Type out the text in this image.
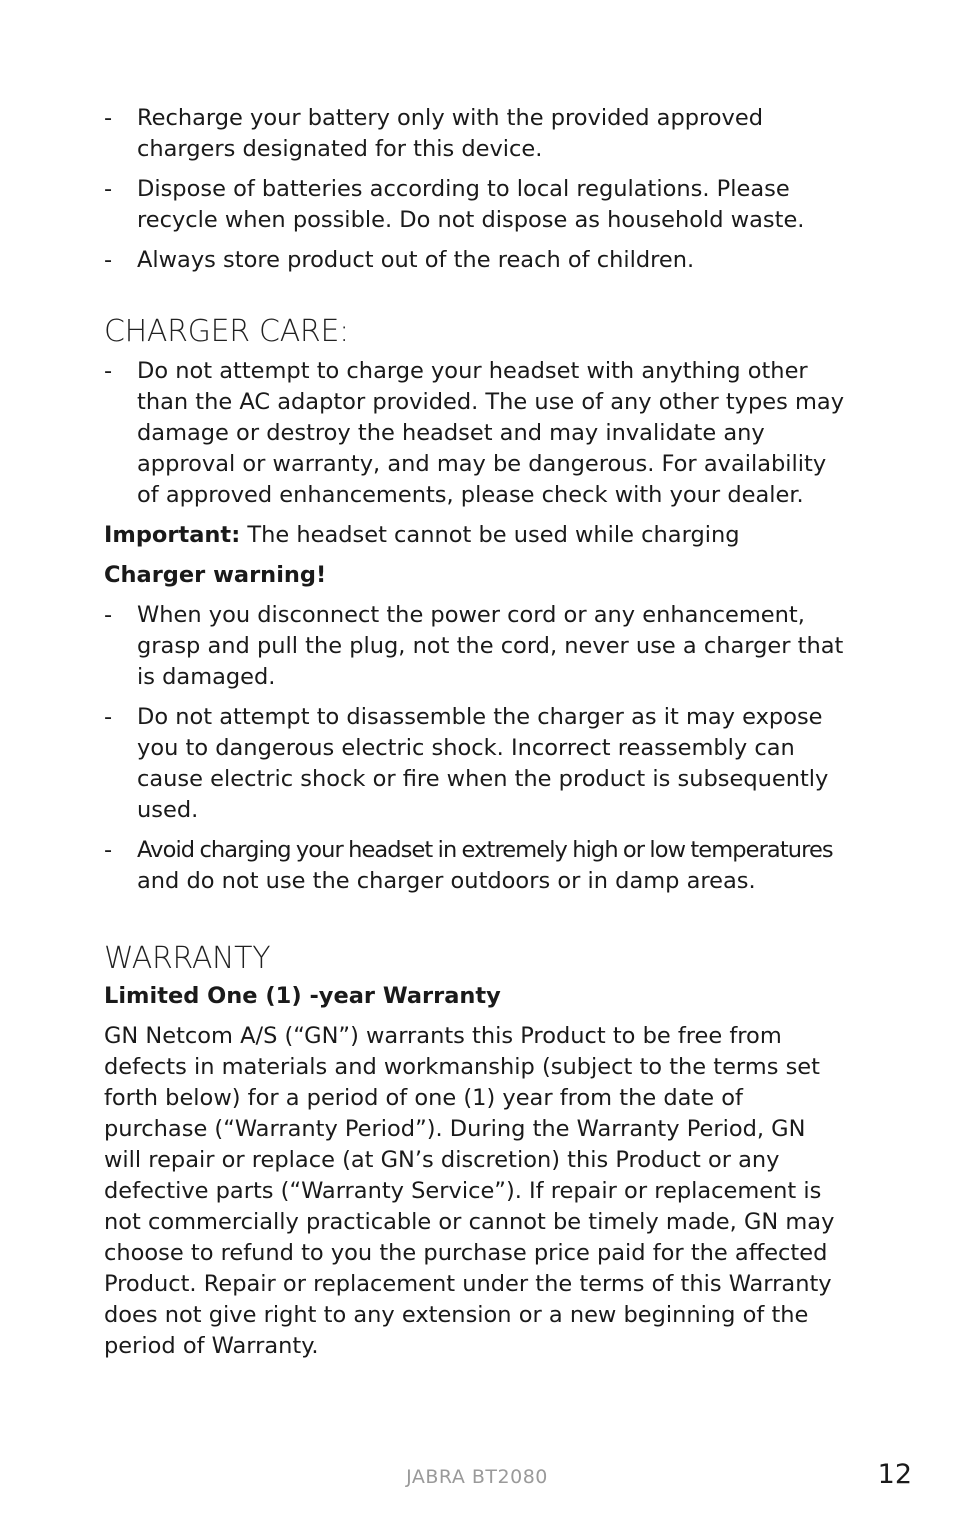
- Recharge your battery only with the provided approved chargers designated for this device.
- Dispose of batteries according to local regulations. Please recycle when possible. Do not dispose as household waste.
- Always store product out of the reach of children.
CHARGER CARE:
- Do not attempt to charge your headset with anything other than the AC adaptor provided. The use of any other types may damage or destroy the headset and may invalidate any approval or warranty, and may be dangerous. For availability of approved enhancements, please check with your dealer.

Important: The headset cannot be used while charging

Charger warning!

- When you disconnect the power cord or any enhancement, grasp and pull the plug, not the cord, never use a charger that is damaged.
- Do not attempt to disassemble the charger as it may expose you to dangerous electric shock. Incorrect reassembly can cause electric shock or fire when the product is subsequently used.
- Avoid charging your headset in extremely high or low temperatures
and do not use the charger outdoors or in damp areas.
WARRANTY

Limited One (1) -year Warranty

GN Netcom A/S (“GN”) warrants this Product to be free from defects in materials and workmanship (subject to the terms set forth below) for a period of one (1) year from the date of purchase (“Warranty Period”). During the Warranty Period, GN will repair or replace (at GN’s discretion) this Product or any defective parts (“Warranty Service”). If repair or replacement is not commercially practicable or cannot be timely made, GN may choose to refund to you the purchase price paid for the affected Product. Repair or replacement under the terms of this Warranty does not give right to any extension or a new beginning of the period of Warranty.

JABRA BT2080	12
